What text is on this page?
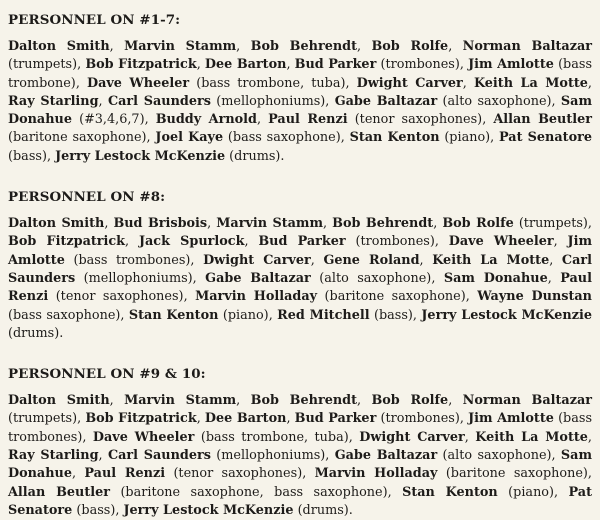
PERSONNEL ON #1-7:

Dalton Smith, Marvin Stamm, Bob Behrendt, Bob Rolfe, Norman Baltazar (trumpets), Bob Fitzpatrick, Dee Barton, Bud Parker (trombones), Jim Amlotte (bass trombone), Dave Wheeler (bass trombone, tuba), Dwight Carver, Keith La Motte, Ray Starling, Carl Saunders (mellophoniums), Gabe Baltazar (alto saxophone), Sam Donahue (#3,4,6,7), Buddy Arnold, Paul Renzi (tenor saxophones), Allan Beutler (baritone saxophone), Joel Kaye (bass saxophone), Stan Kenton (piano), Pat Senatore (bass), Jerry Lestock McKenzie (drums).

PERSONNEL ON #8:

Dalton Smith, Bud Brisbois, Marvin Stamm, Bob Behrendt, Bob Rolfe (trumpets), Bob Fitzpatrick, Jack Spurlock, Bud Parker (trombones), Dave Wheeler, Jim Amlotte (bass trombones), Dwight Carver, Gene Roland, Keith La Motte, Carl Saunders (mellophoniums), Gabe Baltazar (alto saxophone), Sam Donahue, Paul Renzi (tenor saxophones), Marvin Holladay (baritone saxophone), Wayne Dunstan (bass saxophone), Stan Kenton (piano), Red Mitchell (bass), Jerry Lestock McKenzie (drums).

PERSONNEL ON #9 & 10:

Dalton Smith, Marvin Stamm, Bob Behrendt, Bob Rolfe, Norman Baltazar (trumpets), Bob Fitzpatrick, Dee Barton, Bud Parker (trombones), Jim Amlotte (bass trombones), Dave Wheeler (bass trombone, tuba), Dwight Carver, Keith La Motte, Ray Starling, Carl Saunders (mellophoniums), Gabe Baltazar (alto saxophone), Sam Donahue, Paul Renzi (tenor saxophones), Marvin Holladay (baritone saxophone), Allan Beutler (baritone saxophone, bass saxophone), Stan Kenton (piano), Pat Senatore (bass), Jerry Lestock McKenzie (drums).
